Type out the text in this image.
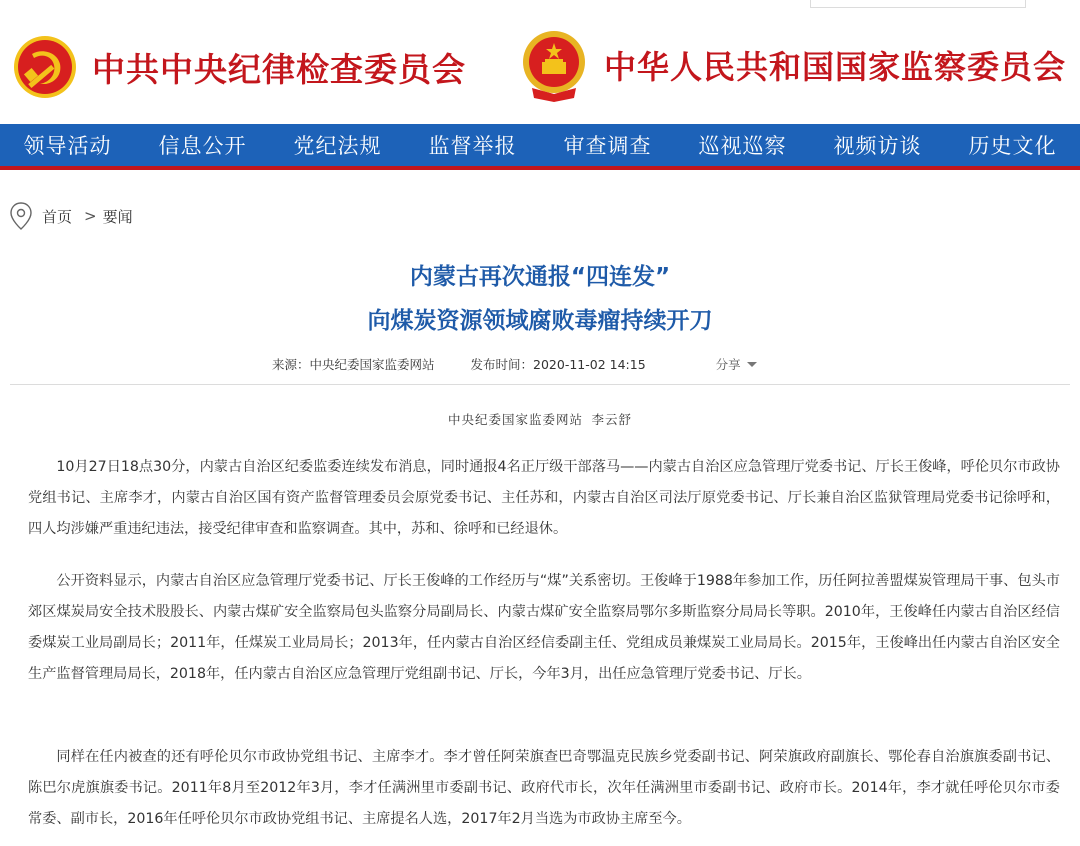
中共中央纪律检查委员会	中华人民共和国国家监察委员会
领导活动	信息公开	党纪法规	监督举报	审查调查	巡视巡察	视频访谈	历史文化
首页 > 要闻
内蒙古再次通报“四连发”
向煤炭资源领域腐败毒瘤持续开刀
来源：中央纪委国家监委网站	发布时间：2020-11-02 14:15	分享
中央纪委国家监委网站 李云舒

10月27日18点30分，内蒙古自治区纪委监委连续发布消息，同时通报4名正厅级干部落马——内蒙古自治区应急管理厅党委书记、厅长王俊峰，呼伦贝尔市政协党组书记、主席李才，内蒙古自治区国有资产监督管理委员会原党委书记、主任苏和，内蒙古自治区司法厅原党委书记、厅长兼自治区监狱管理局党委书记徐呼和，四人均涉嫌严重违纪违法，接受纪律审查和监察调查。其中，苏和、徐呼和已经退休。

公开资料显示，内蒙古自治区应急管理厅党委书记、厅长王俊峰的工作经历与“煤”关系密切。王俊峰于1988年参加工作，历任阿拉善盟煤炭管理局干事、包头市郊区煤炭局安全技术股股长、内蒙古煤矿安全监察局包头监察分局副局长、内蒙古煤矿安全监察局鄂尔多斯监察分局局长等职。2010年，王俊峰任内蒙古自治区经信委煤炭工业局副局长；2011年，任煤炭工业局局长；2013年，任内蒙古自治区经信委副主任、党组成员兼煤炭工业局局长。2015年，王俊峰出任内蒙古自治区安全生产监督管理局局长，2018年，任内蒙古自治区应急管理厅党组副书记、厅长，今年3月，出任应急管理厅党委书记、厅长。

同样在任内被查的还有呼伦贝尔市政协党组书记、主席李才。李才曾任阿荣旗查巴奇鄂温克民族乡党委副书记、阿荣旗政府副旗长、鄂伦春自治旗旗委副书记、陈巴尔虎旗旗委书记。2011年8月至2012年3月，李才任满洲里市委副书记、政府代市长，次年任满洲里市委副书记、政府市长。2014年，李才就任呼伦贝尔市委常委、副市长，2016年任呼伦贝尔市政协党组书记、主席提名人选，2017年2月当选为市政协主席至今。
